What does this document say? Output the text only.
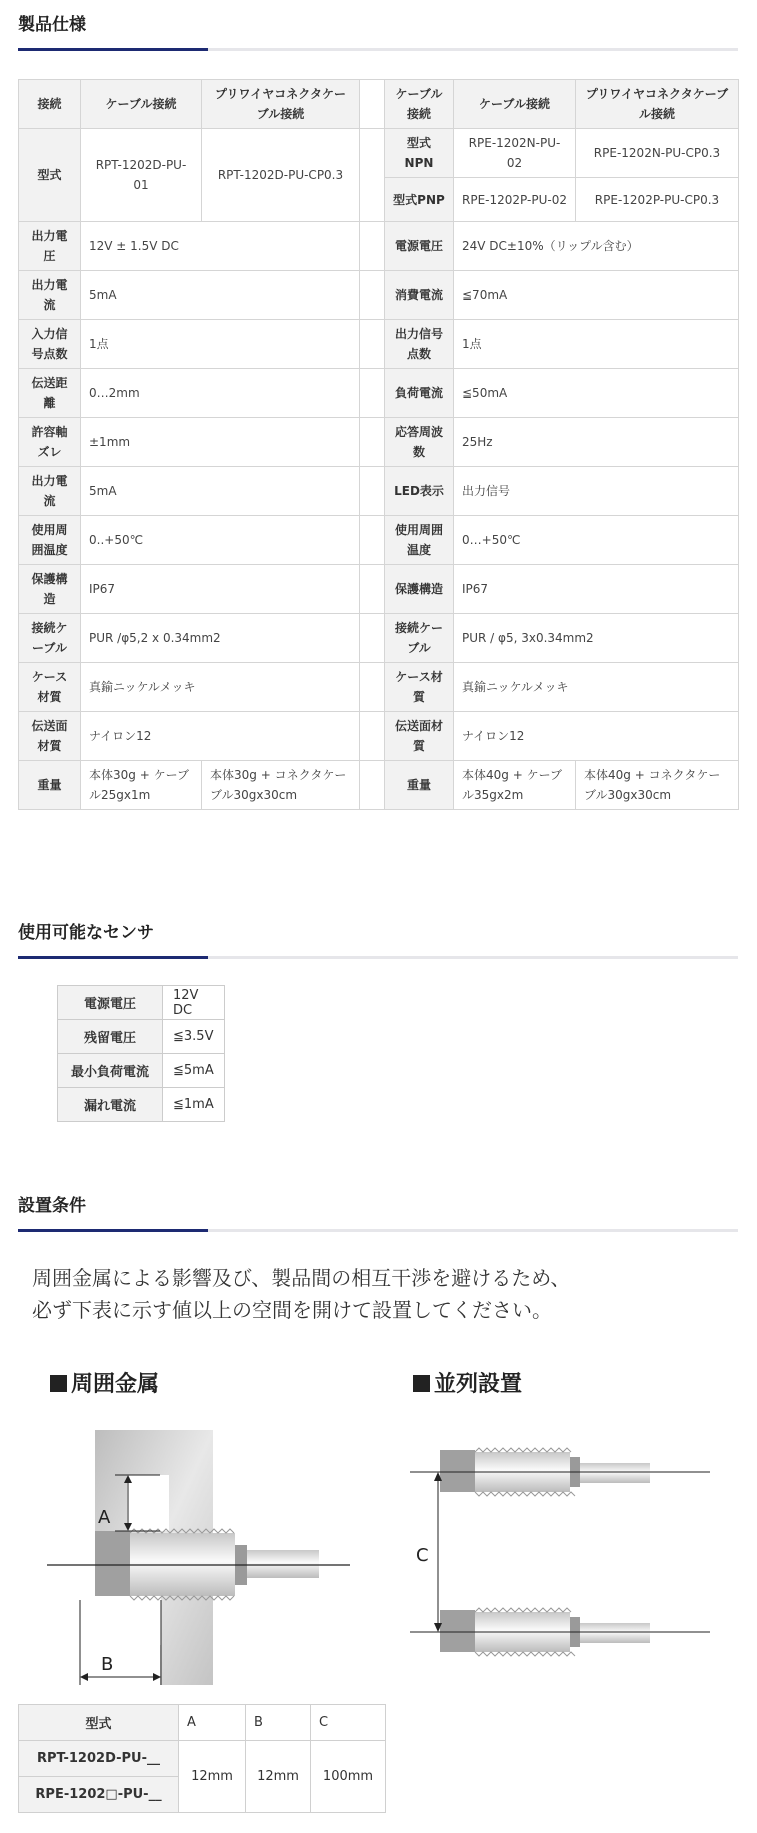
製品仕様
接続	ケーブル接続	プリワイヤコネクタケーブル接続		ケーブル接続	ケーブル接続	プリワイヤコネクタケーブル接続
型式	RPT-1202D-PU-01	RPT-1202D-PU-CP0.3		型式NPN	RPE-1202N-PU-02	RPE-1202N-PU-CP0.3
				型式PNP	RPE-1202P-PU-02	RPE-1202P-PU-CP0.3
出力電圧	12V ± 1.5V DC			電源電圧	24V DC±10%（リップル含む）	
出力電流	5mA			消費電流	≦70mA	
入力信号点数	1点			出力信号点数	1点	
伝送距離	0…2mm			負荷電流	≦50mA	
許容軸ズレ	±1mm			応答周波数	25Hz	
出力電流	5mA			LED表示	出力信号	
使用周囲温度	0..+50℃			使用周囲温度	0…+50℃	
保護構造	IP67			保護構造	IP67	
接続ケーブル	PUR /φ5,2 x 0.34mm2			接続ケーブル	PUR / φ5, 3x0.34mm2	
ケース材質	真鍮ニッケルメッキ			ケース材質	真鍮ニッケルメッキ	
伝送面材質	ナイロン12			伝送面材質	ナイロン12	
重量	本体30g + ケーブル25gx1m	本体30g + コネクタケーブル30gx30cm		重量	本体40g + ケーブル35gx2m	本体40g + コネクタケーブル30gx30cm
使用可能なセンサ
電源電圧	12V DC
残留電圧	≦3.5V
最小負荷電流	≦5mA
漏れ電流	≦1mA
設置条件
周囲金属による影響及び、製品間の相互干渉を避けるため、
必ず下表に示す値以上の空間を開けて設置してください。
周囲金属	並列設置
A
B
C
型式	A	B	C
RPT-1202D-PU-__	12mm	12mm	100mm
RPE-1202□-PU-__			
